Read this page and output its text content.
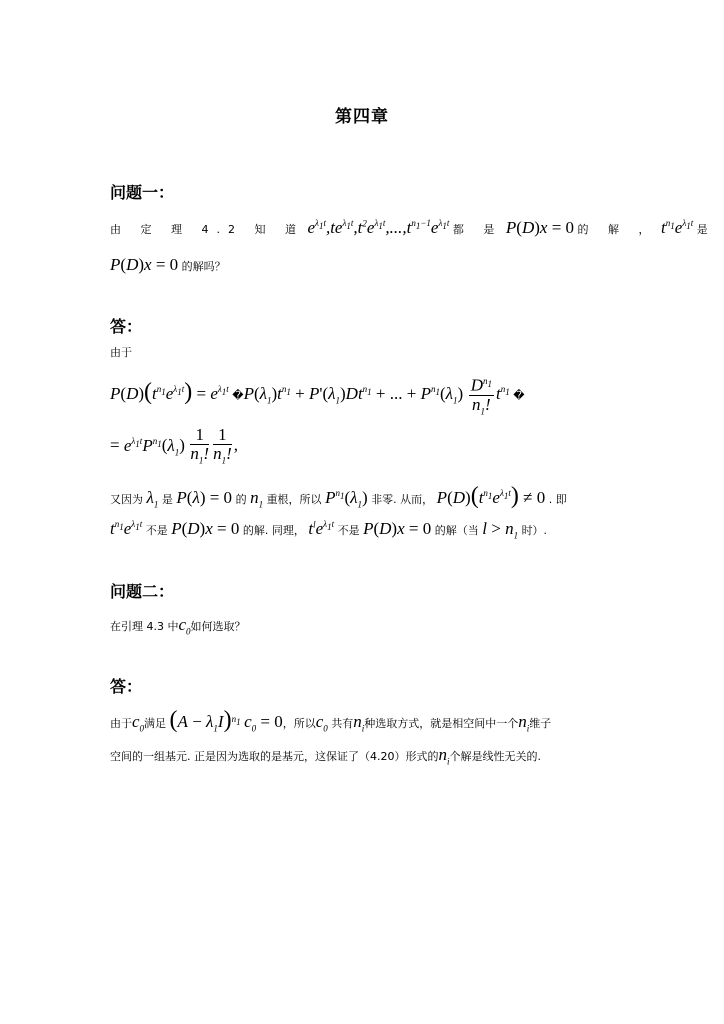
第四章
问题一：
由 定 理 4.2 知 道 $e^{\lambda_1t},te^{\lambda_1t},t^2e^{\lambda_1t},...,t^{n_1-1}e^{\lambda_1t}$ 都 是 P(D)x = 0 的 解 ， $t^{n_1}e^{\lambda_1t}$ 是
P(D)x = 0 的解吗？
答：
由于
$P(D)(t^{n_1}e^{\lambda_1t}) = e^{\lambda_1t}$ $�P(\lambda_1)t^{n_1} + P'(\lambda_1)Dt^{n_1}$ + ... + $P^{n_1}(\lambda_1) \frac{D^{n_1}}{n_1!} t^{n_1}$ �
= $e^{\lambda_1t}P^{n_1}(\lambda_1) \frac{1}{n_1!} \frac{1}{n_1!}$ ,
又因为 $\lambda_1$ 是 P(λ) = 0 的 $n_1$ 重根，所以 $P^{n_1}(\lambda_1)$ 非零. 从而， $P(D)(t^{n_1}e^{\lambda_1t}) \ne 0$ . 即
$t^{n_1}e^{\lambda_1t}$ 不是 P(D)x = 0 的解. 同理， $t^le^{\lambda_1t}$ 不是 P(D)x = 0 的解（当 $l > n_1$ 时）.
问题二：
在引理 4.3 中$c_0$如何选取？
答：
由于$c_0$满足 $(A - \lambda_1I)^{n_1}$ $c_0 = 0$，所以$c_0$ 共有$n_i$种选取方式，就是相空间中一个$n_i$维子
空间的一组基元. 正是因为选取的是基元，这保证了（4.20）形式的$n_i$个解是线性无关的.
